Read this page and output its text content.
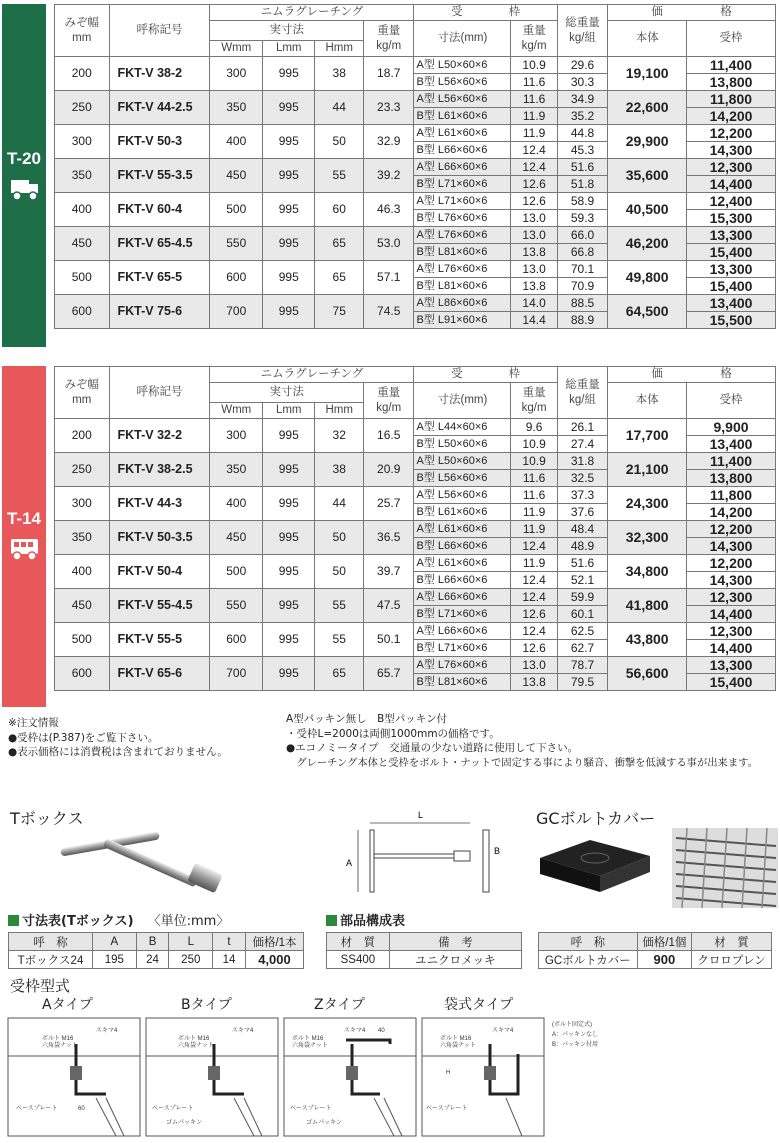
T-20
みぞ幅
mm	呼称記号	ニムラグレーチング				受　　　　枠		総重量
kg/組	価　　　　　格	
		実寸法			重量
kg/m	寸法(mm)	重量
kg/m		本体	受枠
		Wmm	Lmm	Hmm						
200	FKT-V 38-2	300	995	38	18.7	A型 L50×60×6	10.9	29.6	19,100	11,400
						B型 L56×60×6	11.6	30.3		13,800
250	FKT-V 44-2.5	350	995	44	23.3	A型 L56×60×6	11.6	34.9	22,600	11,800
						B型 L61×60×6	11.9	35.2		14,200
300	FKT-V 50-3	400	995	50	32.9	A型 L61×60×6	11.9	44.8	29,900	12,200
						B型 L66×60×6	12.4	45.3		14,300
350	FKT-V 55-3.5	450	995	55	39.2	A型 L66×60×6	12.4	51.6	35,600	12,300
						B型 L71×60×6	12.6	51.8		14,400
400	FKT-V 60-4	500	995	60	46.3	A型 L71×60×6	12.6	58.9	40,500	12,400
						B型 L76×60×6	13.0	59.3		15,300
450	FKT-V 65-4.5	550	995	65	53.0	A型 L76×60×6	13.0	66.0	46,200	13,300
						B型 L81×60×6	13.8	66.8		15,400
500	FKT-V 65-5	600	995	65	57.1	A型 L76×60×6	13.0	70.1	49,800	13,300
						B型 L81×60×6	13.8	70.9		15,400
600	FKT-V 75-6	700	995	75	74.5	A型 L86×60×6	14.0	88.5	64,500	13,400
						B型 L91×60×6	14.4	88.9		15,500
T-14
みぞ幅
mm	呼称記号	ニムラグレーチング				受　　　　枠		総重量
kg/組	価　　　　　格	
		実寸法			重量
kg/m	寸法(mm)	重量
kg/m		本体	受枠
		Wmm	Lmm	Hmm						
200	FKT-V 32-2	300	995	32	16.5	A型 L44×60×6	9.6	26.1	17,700	9,900
						B型 L50×60×6	10.9	27.4		13,400
250	FKT-V 38-2.5	350	995	38	20.9	A型 L50×60×6	10.9	31.8	21,100	11,400
						B型 L56×60×6	11.6	32.5		13,800
300	FKT-V 44-3	400	995	44	25.7	A型 L56×60×6	11.6	37.3	24,300	11,800
						B型 L61×60×6	11.9	37.6		14,200
350	FKT-V 50-3.5	450	995	50	36.5	A型 L61×60×6	11.9	48.4	32,300	12,200
						B型 L66×60×6	12.4	48.9		14,300
400	FKT-V 50-4	500	995	50	39.7	A型 L61×60×6	11.9	51.6	34,800	12,200
						B型 L66×60×6	12.4	52.1		14,300
450	FKT-V 55-4.5	550	995	55	47.5	A型 L66×60×6	12.4	59.9	41,800	12,300
						B型 L71×60×6	12.6	60.1		14,400
500	FKT-V 55-5	600	995	55	50.1	A型 L66×60×6	12.4	62.5	43,800	12,300
						B型 L71×60×6	12.6	62.7		14,400
600	FKT-V 65-6	700	995	65	65.7	A型 L76×60×6	13.0	78.7	56,600	13,300
						B型 L81×60×6	13.8	79.5		15,400
※注文情報
●受枠は(P.387)をご覧下さい。
●表示価格には消費税は含まれておりません。
A型パッキン無し　B型パッキン付
・受枠L=2000は両側1000mmの価格です。
●エコノミータイプ　交通量の少ない道路に使用して下さい。
　グレーチング本体と受枠をボルト・ナットで固定する事により騒音、衝撃を低減する事が出来ます。
Tボックス	L
A
B
GCボルトカバー
寸法表(Tボックス) 〈単位:mm〉
呼　称	A	B	L	t	価格/1本
Tボックス24	195	24	250	14	4,000
部品構成表
材　質	備　考
SS400	ユニクロメッキ
呼　称	価格/1個	材　質
GCボルトカバー	900	クロロプレン
受枠型式
Aタイプ	Bタイプ	Zタイプ	袋式タイプ
ボルト M16 六角袋ナット
スキマ4
ベースプレート	60
ボルト M16 六角袋ナット
スキマ4
ベースプレート
ゴムパッキン
ボルト M16 六角袋ナット
スキマ4 40
ベースプレート
ゴムパッキン
ボルト M16 六角袋ナット
スキマ4
ベースプレート
H
(ボルト固定式)
A：パッキンなし
B：パッキン付用
